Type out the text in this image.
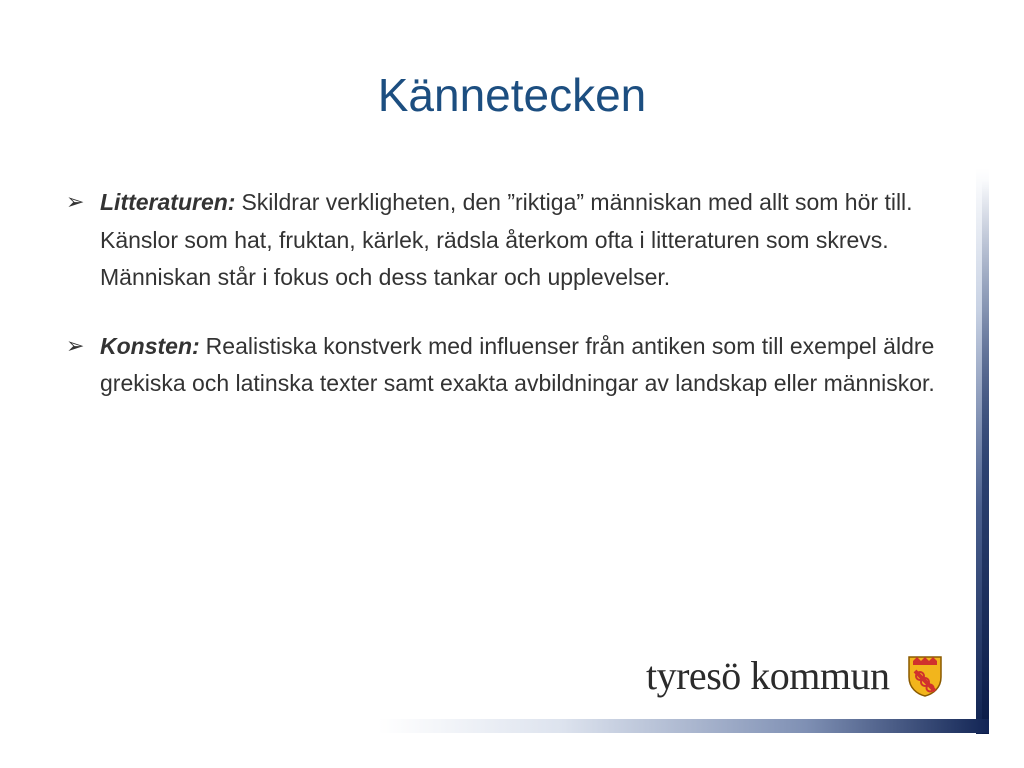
Kännetecken
➢ Litteraturen: Skildrar verkligheten, den ”riktiga” människan med allt som hör till. Känslor som hat, fruktan, kärlek, rädsla återkom ofta i litteraturen som skrevs. Människan står i fokus och dess tankar och upplevelser.
➢ Konsten: Realistiska konstverk med influenser från antiken som till exempel äldre grekiska och latinska texter samt exakta avbildningar av landskap eller människor.
tyresö kommun
